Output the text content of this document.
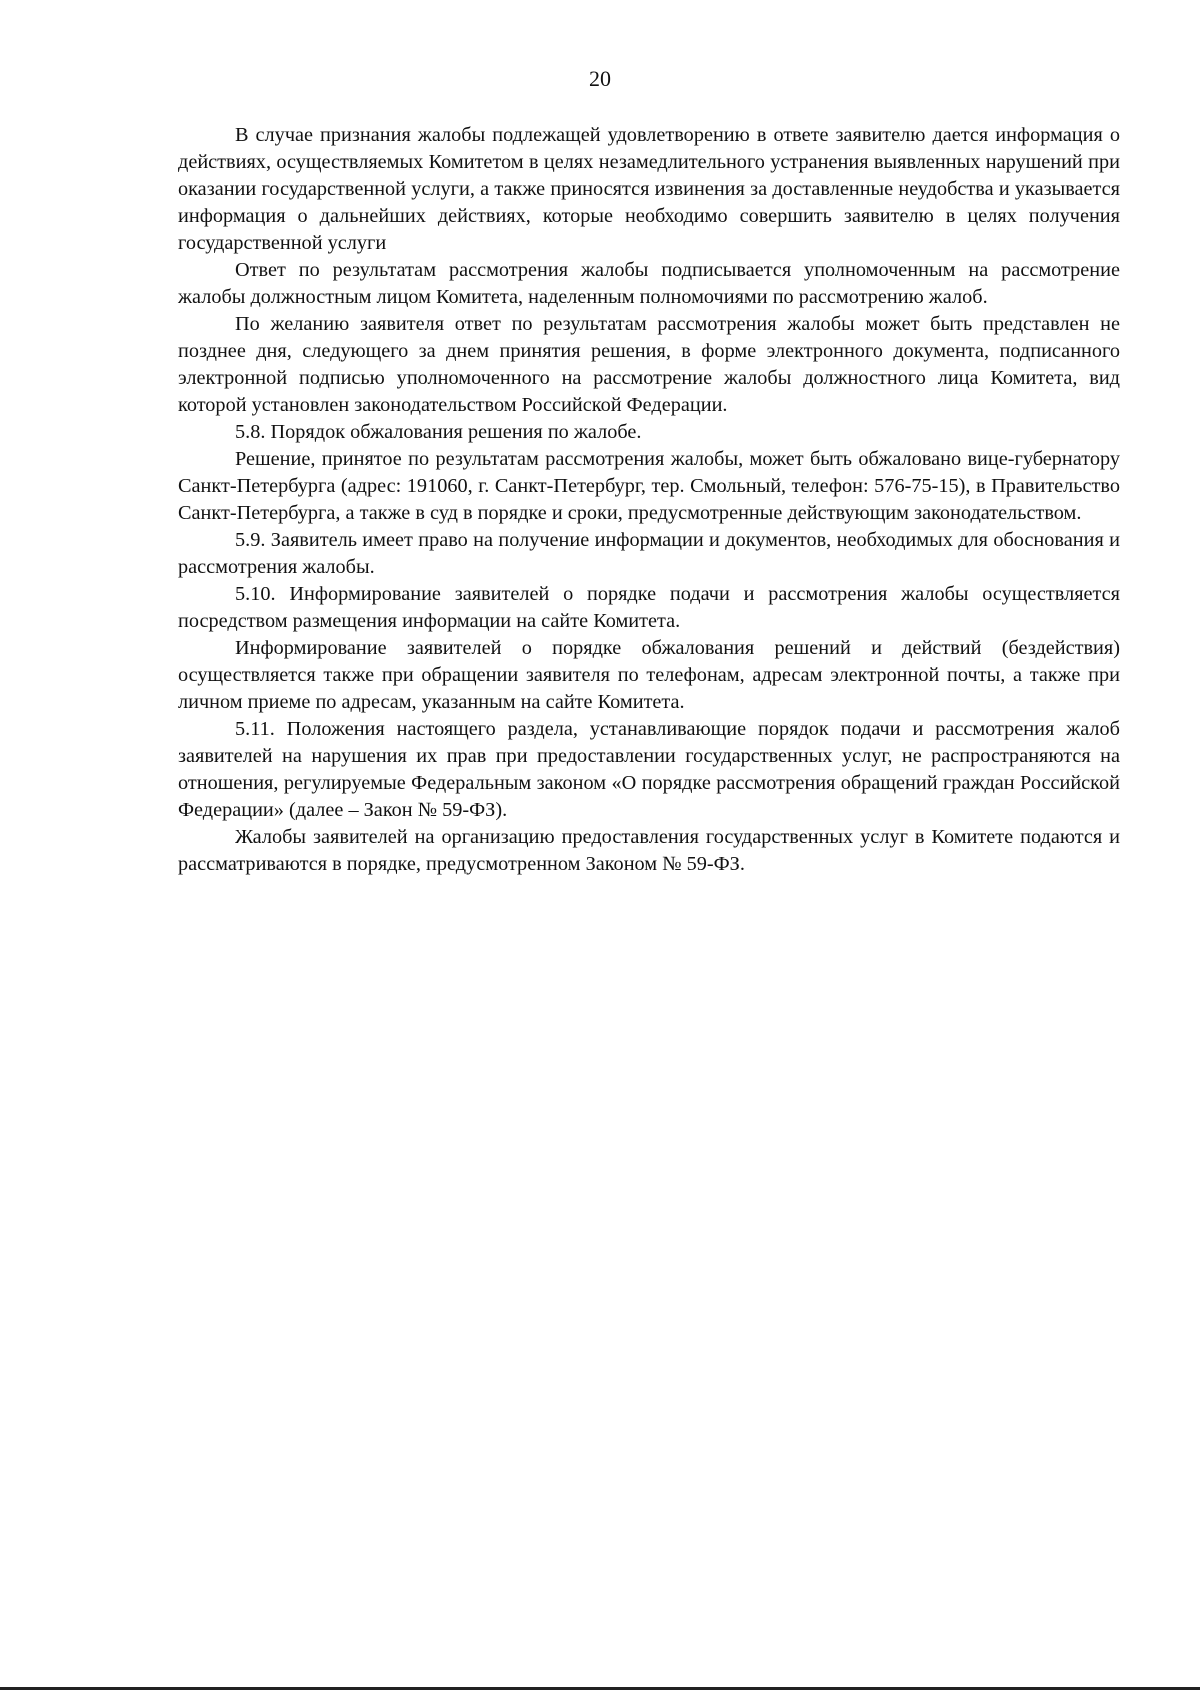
20

В случае признания жалобы подлежащей удовлетворению в ответе заявителю дается информация о действиях, осуществляемых Комитетом в целях незамедлительного устранения выявленных нарушений при оказании государственной услуги, а также приносятся извинения за доставленные неудобства и указывается информация о дальнейших действиях, которые необходимо совершить заявителю в целях получения государственной услуги

Ответ по результатам рассмотрения жалобы подписывается уполномоченным на рассмотрение жалобы должностным лицом Комитета, наделенным полномочиями по рассмотрению жалоб.

По желанию заявителя ответ по результатам рассмотрения жалобы может быть представлен не позднее дня, следующего за днем принятия решения, в форме электронного документа, подписанного электронной подписью уполномоченного на рассмотрение жалобы должностного лица Комитета, вид которой установлен законодательством Российской Федерации.

5.8. Порядок обжалования решения по жалобе.

Решение, принятое по результатам рассмотрения жалобы, может быть обжаловано вице-губернатору Санкт-Петербурга (адрес: 191060, г. Санкт-Петербург, тер. Смольный, телефон: 576-75-15), в Правительство Санкт-Петербурга, а также в суд в порядке и сроки, предусмотренные действующим законодательством.

5.9. Заявитель имеет право на получение информации и документов, необходимых для обоснования и рассмотрения жалобы.

5.10. Информирование заявителей о порядке подачи и рассмотрения жалобы осуществляется посредством размещения информации на сайте Комитета.

Информирование заявителей о порядке обжалования решений и действий (бездействия) осуществляется также при обращении заявителя по телефонам, адресам электронной почты, а также при личном приеме по адресам, указанным на сайте Комитета.

5.11. Положения настоящего раздела, устанавливающие порядок подачи и рассмотрения жалоб заявителей на нарушения их прав при предоставлении государственных услуг, не распространяются на отношения, регулируемые Федеральным законом «О порядке рассмотрения обращений граждан Российской Федерации» (далее – Закон № 59-ФЗ).

Жалобы заявителей на организацию предоставления государственных услуг в Комитете подаются и рассматриваются в порядке, предусмотренном Законом № 59-ФЗ.
